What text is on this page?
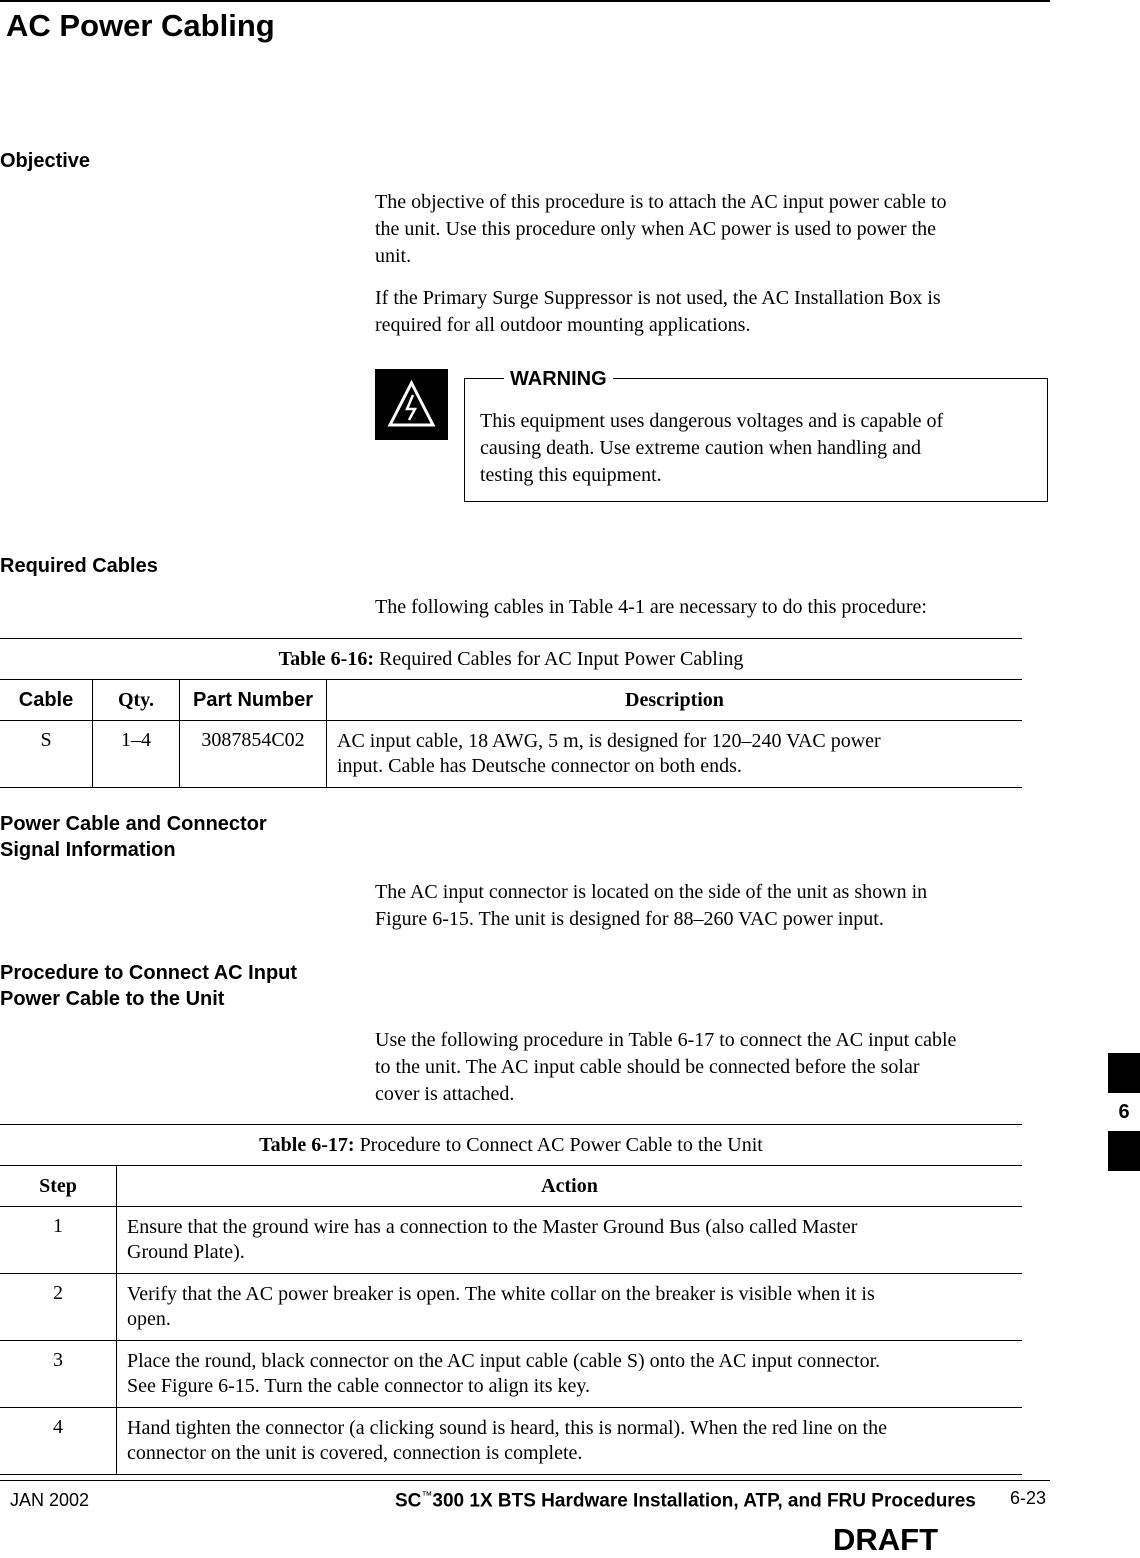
AC Power Cabling
Objective
The objective of this procedure is to attach the AC input power cable to
the unit. Use this procedure only when AC power is used to power the
unit.
If the Primary Surge Suppressor is not used, the AC Installation Box is
required for all outdoor mounting applications.
WARNING
This equipment uses dangerous voltages and is capable of
causing death. Use extreme caution when handling and
testing this equipment.
Required Cables
The following cables in Table 4-1 are necessary to do this procedure:
Table 6-16: Required Cables for AC Input Power Cabling			
Cable	Qty.	Part Number	Description
S	1–4	3087854C02	AC input cable, 18 AWG, 5 m, is designed for 120–240 VAC power
input. Cable has Deutsche connector on both ends.
Power Cable and Connector
Signal Information
The AC input connector is located on the side of the unit as shown in
Figure 6-15. The unit is designed for 88–260 VAC power input.
Procedure to Connect AC Input
Power Cable to the Unit
Use the following procedure in Table 6-17 to connect the AC input cable
to the unit. The AC input cable should be connected before the solar
cover is attached.
Table 6-17: Procedure to Connect AC Power Cable to the Unit	
Step	Action
1	Ensure that the ground wire has a connection to the Master Ground Bus (also called Master
Ground Plate).

2	Verify that the AC power breaker is open. The white collar on the breaker is visible when it is
open.

3	Place the round, black connector on the AC input cable (cable S) onto the AC input connector.
See Figure 6-15. Turn the cable connector to align its key.

4	Hand tighten the connector (a clicking sound is heard, this is normal). When the red line on the
connector on the unit is covered, connection is complete.
6
JAN 2002	SC™300 1X BTS Hardware Installation, ATP, and FRU Procedures 6-23
DRAFT
